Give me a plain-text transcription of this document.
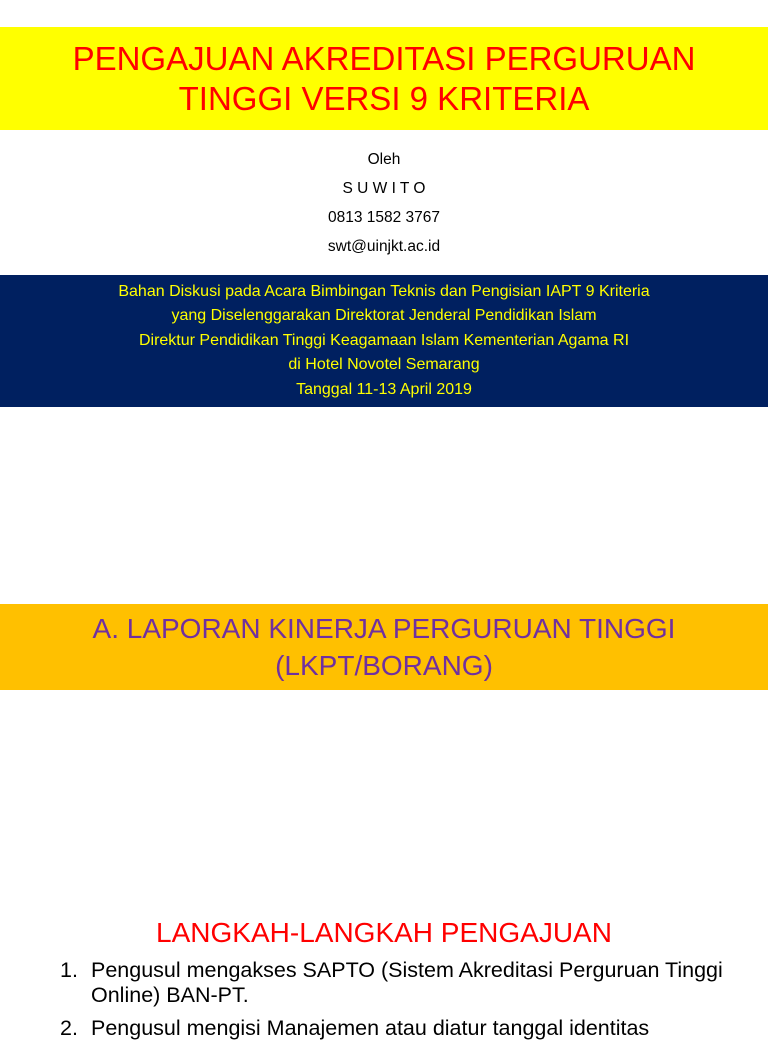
PENGAJUAN AKREDITASI PERGURUAN
TINGGI VERSI 9 KRITERIA
Oleh
S U W I T O
0813 1582 3767
swt@uinjkt.ac.id
Bahan Diskusi pada Acara Bimbingan Teknis dan Pengisian IAPT 9 Kriteria
yang Diselenggarakan Direktorat Jenderal Pendidikan Islam
Direktur Pendidikan Tinggi Keagamaan Islam Kementerian Agama RI
di Hotel Novotel Semarang
Tanggal 11-13 April 2019
A. LAPORAN KINERJA PERGURUAN TINGGI
(LKPT/BORANG)
LANGKAH-LANGKAH PENGAJUAN
1. Pengusul mengakses SAPTO (Sistem Akreditasi Perguruan Tinggi Online) BAN-PT.
2. Pengusul mengisi Manajemen atau diatur tanggal identitas
